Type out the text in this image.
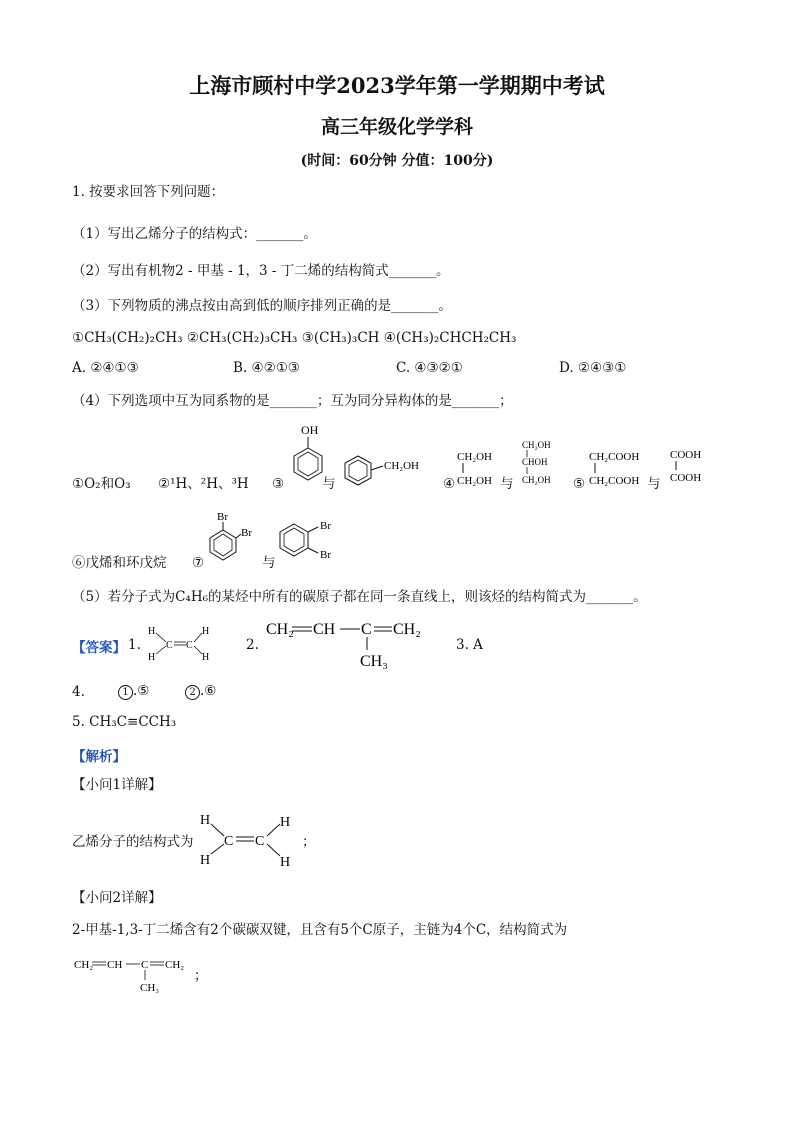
上海市顾村中学2023学年第一学期期中考试
高三年级化学学科
(时间：60分钟 分值：100分)
1. 按要求回答下列问题：
（1）写出乙烯分子的结构式：_______。
（2）写出有机物2 - 甲基 - 1，3 - 丁二烯的结构简式_______。
（3）下列物质的沸点按由高到低的顺序排列正确的是_______。
①CH₃(CH₂)₂CH₃ ②CH₃(CH₂)₃CH₃ ③(CH₃)₃CH ④(CH₃)₂CHCH₂CH₃
A. ②④①③	B. ④②①③	C. ④③②①	D. ②④③①
（4）下列选项中互为同系物的是_______；互为同分异构体的是_______；
①O₂和O₃ ②¹H、²H、³H ③	与	④	与	⑤	与
OH
CH₂OH
CH₂OH
CH₂OH
CH₂OH
CHOH
CH₂OH
CH₂COOH
CH₂COOH
COOH
COOH
⑥戊烯和环戊烷 ⑦	与
Br
Br
Br
Br
（5）若分子式为C₄H₆的某烃中所有的碳原子都在同一条直线上，则该烃的结构简式为_______。
【答案】 1.
H
H
C C
H
H
2.
CH₂ CH C CH₂
CH₃
3. A
4.	1 .⑤	2 .⑥
5. CH₃C≡CCH₃
【解析】
【小问1详解】
乙烯分子的结构式为
H
H
C C
H
H
；
【小问2详解】
2-甲基-1,3-丁二烯含有2个碳碳双键，且含有5个C原子，主链为4个C，结构简式为
CH₂ CH C CH₂
CH₃
；
